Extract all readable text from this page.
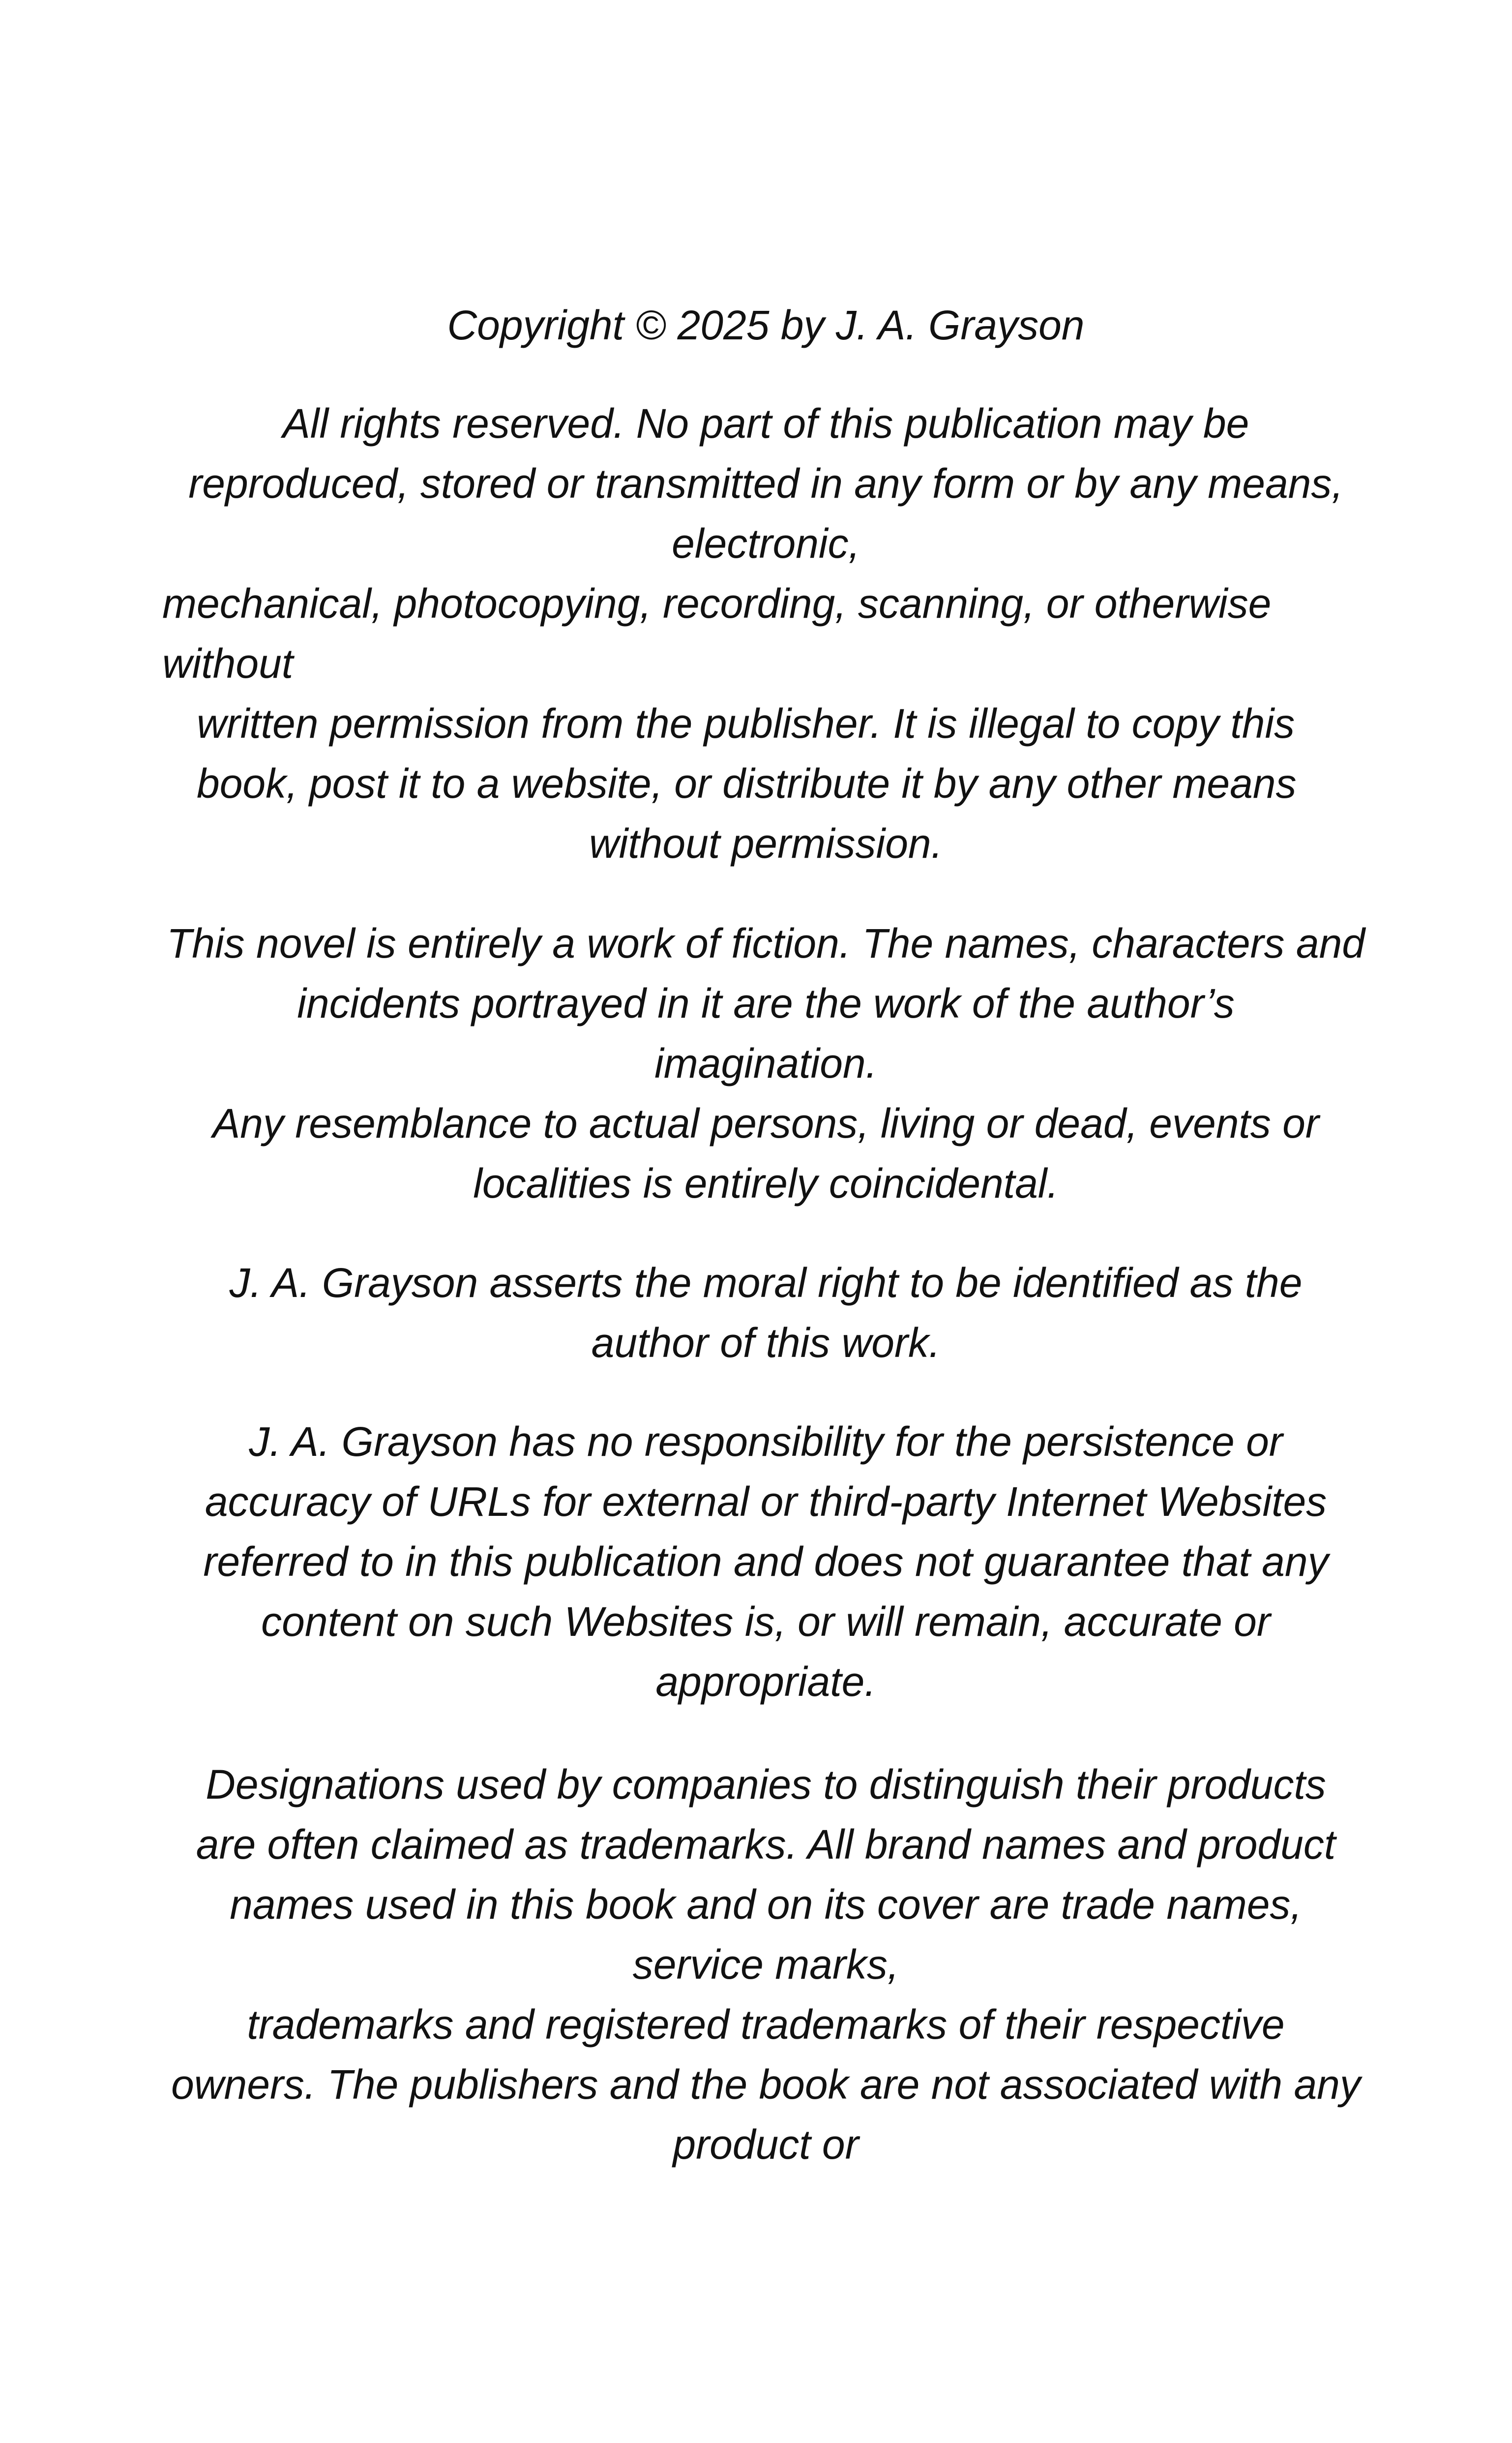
Copyright © 2025 by J. A. Grayson
All rights reserved. No part of this publication may be
reproduced, stored or transmitted in any form or by any means,
electronic,
mechanical, photocopying, recording, scanning, or otherwise
without
written permission from the publisher. It is illegal to copy this
book, post it to a website, or distribute it by any other means
without permission.
This novel is entirely a work of fiction. The names, characters and
incidents portrayed in it are the work of the author’s
imagination.
Any resemblance to actual persons, living or dead, events or
localities is entirely coincidental.
J. A. Grayson asserts the moral right to be identified as the
author of this work.
J. A. Grayson has no responsibility for the persistence or
accuracy of URLs for external or third-party Internet Websites
referred to in this publication and does not guarantee that any
content on such Websites is, or will remain, accurate or
appropriate.
Designations used by companies to distinguish their products
are often claimed as trademarks. All brand names and product
names used in this book and on its cover are trade names,
service marks,
trademarks and registered trademarks of their respective
owners. The publishers and the book are not associated with any
product or
